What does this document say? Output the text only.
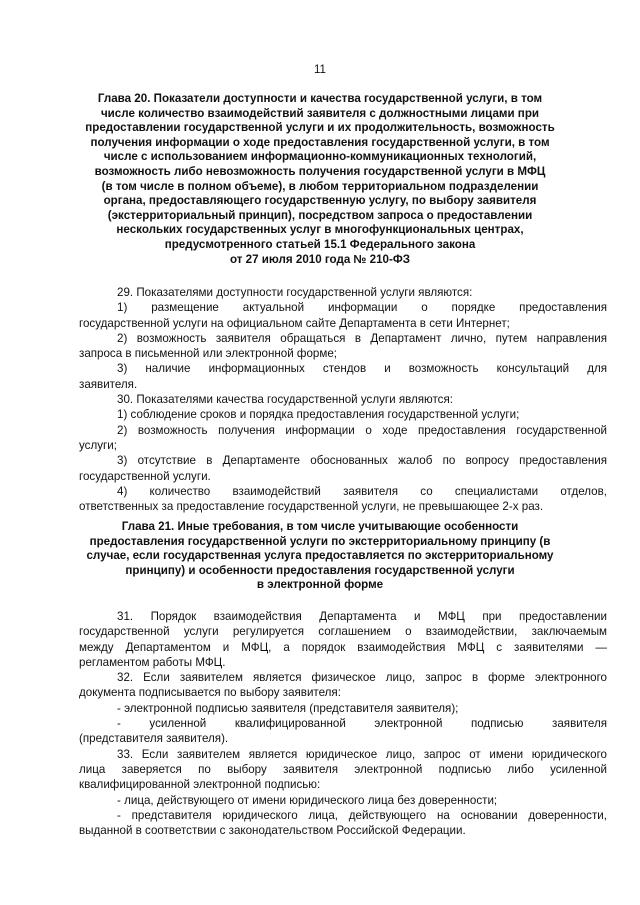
11
Глава 20. Показатели доступности и качества государственной услуги, в том
числе количество взаимодействий заявителя с должностными лицами при
предоставлении государственной услуги и их продолжительность, возможность
получения информации о ходе предоставления государственной услуги, в том
числе с использованием информационно-коммуникационных технологий,
возможность либо невозможность получения государственной услуги в МФЦ
(в том числе в полном объеме), в любом территориальном подразделении
органа, предоставляющего государственную услугу, по выбору заявителя
(экстерриториальный принцип), посредством запроса о предоставлении
нескольких государственных услуг в многофункциональных центрах,
предусмотренного статьей 15.1 Федерального закона
от 27 июля 2010 года № 210-ФЗ
29. Показателями доступности государственной услуги являются:
1) размещение актуальной информации о порядке предоставления
государственной услуги на официальном сайте Департамента в сети Интернет;
2) возможность заявителя обращаться в Департамент лично, путем направления
запроса в письменной или электронной форме;
3) наличие информационных стендов и возможность консультаций для
заявителя.
30. Показателями качества государственной услуги являются:
1) соблюдение сроков и порядка предоставления государственной услуги;
2) возможность получения информации о ходе предоставления государственной
услуги;
3) отсутствие в Департаменте обоснованных жалоб по вопросу предоставления
государственной услуги.
4) количество взаимодействий заявителя со специалистами отделов,
ответственных за предоставление государственной услуги, не превышающее 2-х раз.
Глава 21. Иные требования, в том числе учитывающие особенности
предоставления государственной услуги по экстерриториальному принципу (в
случае, если государственная услуга предоставляется по экстерриториальному
принципу) и особенности предоставления государственной услуги
в электронной форме
31. Порядок взаимодействия Департамента и МФЦ при предоставлении
государственной услуги регулируется соглашением о взаимодействии, заключаемым
между Департаментом и МФЦ, а порядок взаимодействия МФЦ с заявителями —
регламентом работы МФЦ.
32. Если заявителем является физическое лицо, запрос в форме электронного
документа подписывается по выбору заявителя:
- электронной подписью заявителя (представителя заявителя);
- усиленной квалифицированной электронной подписью заявителя
(представителя заявителя).
33. Если заявителем является юридическое лицо, запрос от имени юридического
лица заверяется по выбору заявителя электронной подписью либо усиленной
квалифицированной электронной подписью:
- лица, действующего от имени юридического лица без доверенности;
- представителя юридического лица, действующего на основании доверенности,
выданной в соответствии с законодательством Российской Федерации.
